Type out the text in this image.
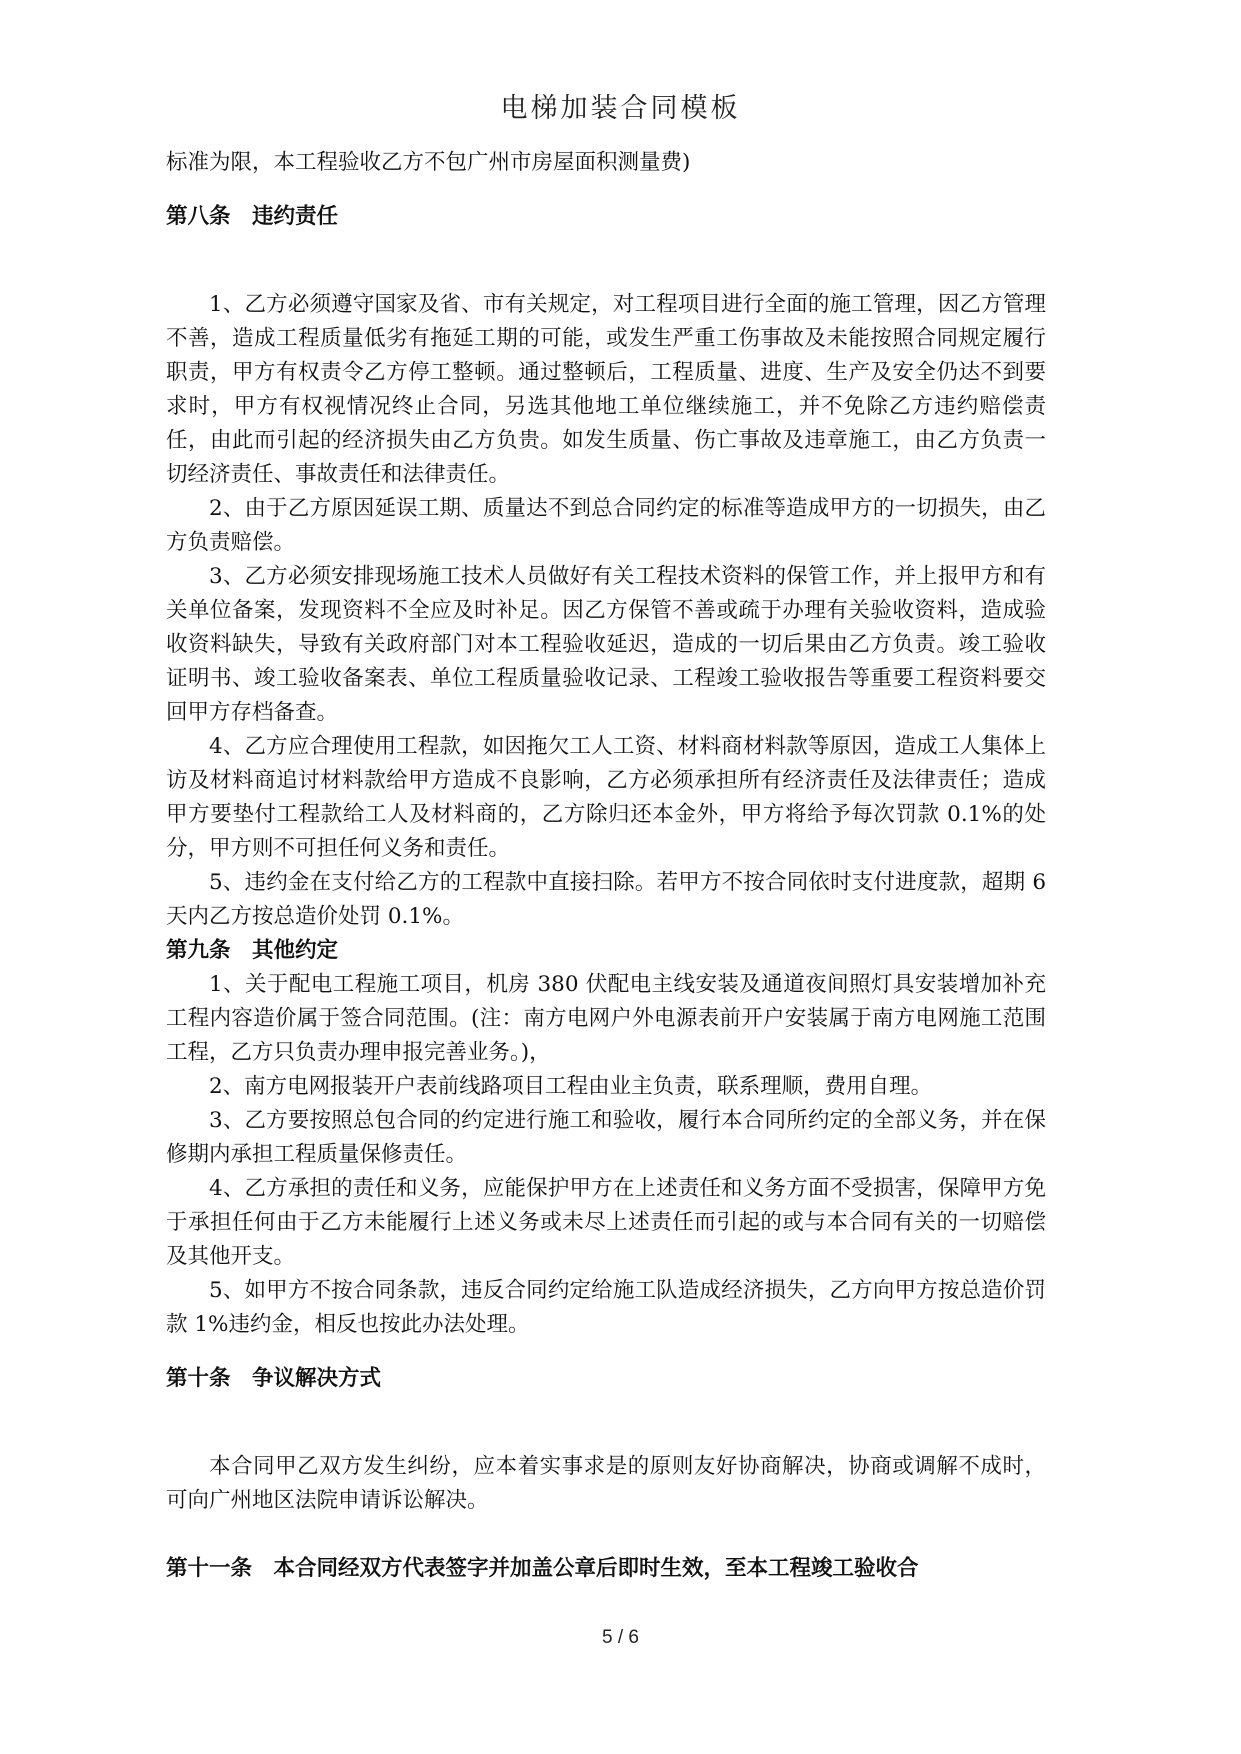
电梯加装合同模板

标准为限，本工程验收乙方不包广州市房屋面积测量费)

第八条　违约责任

1、乙方必须遵守国家及省、市有关规定，对工程项目进行全面的施工管理，因乙方管理不善，造成工程质量低劣有拖延工期的可能，或发生严重工伤事故及未能按照合同规定履行职责，甲方有权责令乙方停工整顿。通过整顿后，工程质量、进度、生产及安全仍达不到要求时，甲方有权视情况终止合同，另选其他地工单位继续施工，并不免除乙方违约赔偿责任，由此而引起的经济损失由乙方负贵。如发生质量、伤亡事故及违章施工，由乙方负责一切经济责任、事故责任和法律责任。

2、由于乙方原因延误工期、质量达不到总合同约定的标准等造成甲方的一切损失，由乙方负责赔偿。

3、乙方必须安排现场施工技术人员做好有关工程技术资料的保管工作，并上报甲方和有关单位备案，发现资料不全应及时补足。因乙方保管不善或疏于办理有关验收资料，造成验收资料缺失，导致有关政府部门对本工程验收延迟，造成的一切后果由乙方负责。竣工验收证明书、竣工验收备案表、单位工程质量验收记录、工程竣工验收报告等重要工程资料要交回甲方存档备查。

4、乙方应合理使用工程款，如因拖欠工人工资、材料商材料款等原因，造成工人集体上访及材料商追讨材料款给甲方造成不良影响，乙方必须承担所有经济责任及法律责任；造成甲方要垫付工程款给工人及材料商的，乙方除归还本金外，甲方将给予每次罚款 0.1%的处分，甲方则不可担任何义务和责任。

5、违约金在支付给乙方的工程款中直接扫除。若甲方不按合同依时支付进度款，超期 6 天内乙方按总造价处罚 0.1%。

第九条　其他约定

1、关于配电工程施工项目，机房 380 伏配电主线安装及通道夜间照灯具安装增加补充工程内容造价属于签合同范围。(注：南方电网户外电源表前开户安装属于南方电网施工范围工程，乙方只负责办理申报完善业务。)，

2、南方电网报装开户表前线路项目工程由业主负责，联系理顺，费用自理。

3、乙方要按照总包合同的约定进行施工和验收，履行本合同所约定的全部义务，并在保修期内承担工程质量保修责任。

4、乙方承担的责任和义务，应能保护甲方在上述责任和义务方面不受损害，保障甲方免于承担任何由于乙方未能履行上述义务或未尽上述责任而引起的或与本合同有关的一切赔偿及其他开支。

5、如甲方不按合同条款，违反合同约定给施工队造成经济损失，乙方向甲方按总造价罚款 1%违约金，相反也按此办法处理。

第十条　争议解决方式

本合同甲乙双方发生纠纷，应本着实事求是的原则友好协商解决，协商或调解不成时，可向广州地区法院申请诉讼解决。

第十一条　本合同经双方代表签字并加盖公章后即时生效，至本工程竣工验收合
5 / 6
